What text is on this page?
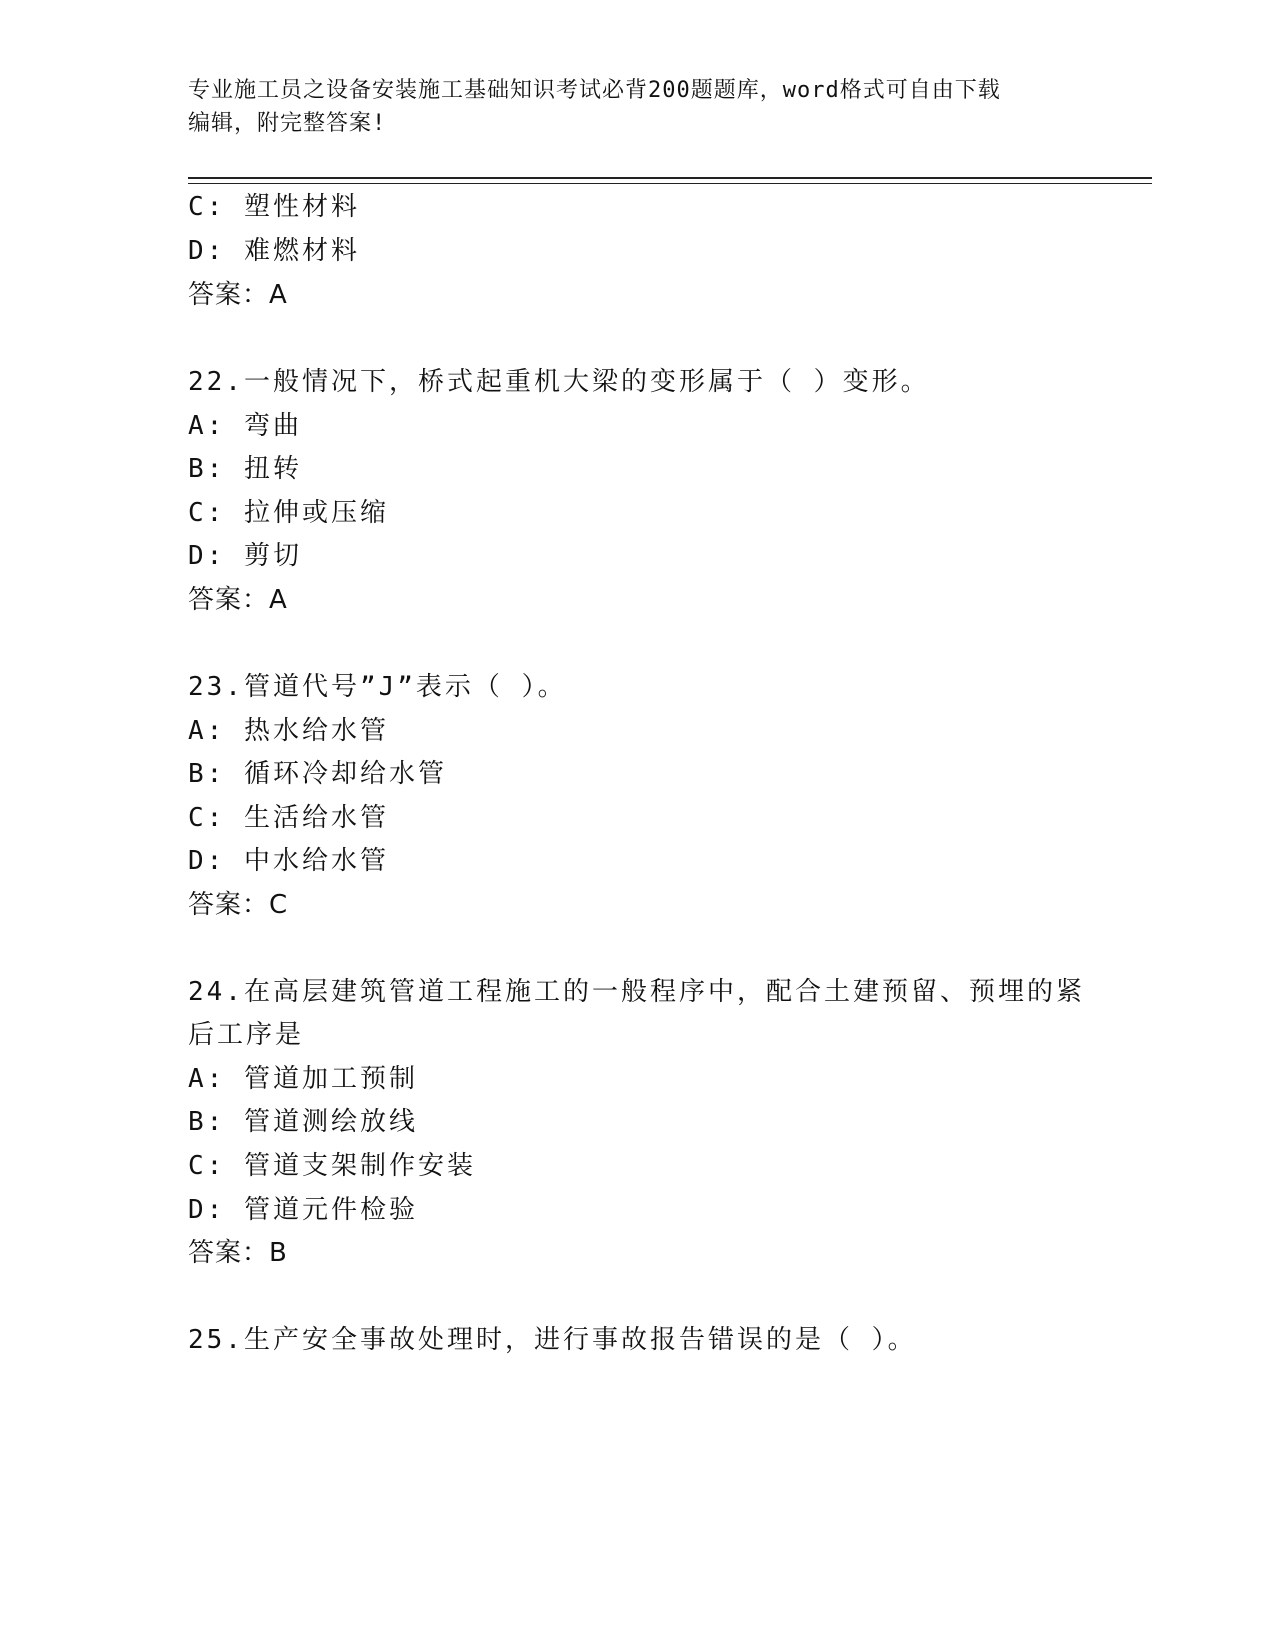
专业施工员之设备安装施工基础知识考试必背200题题库，word格式可自由下载
编辑，附完整答案!
C: 塑性材料
D: 难燃材料
答案：A
22.一般情况下，桥式起重机大梁的变形属于（ ）变形。
A: 弯曲
B: 扭转
C: 拉伸或压缩
D: 剪切
答案：A
23.管道代号”J”表示（ ）。
A: 热水给水管
B: 循环冷却给水管
C: 生活给水管
D: 中水给水管
答案：C
24.在高层建筑管道工程施工的一般程序中，配合土建预留、预埋的紧
后工序是
A: 管道加工预制
B: 管道测绘放线
C: 管道支架制作安装
D: 管道元件检验
答案：B
25.生产安全事故处理时，进行事故报告错误的是（ ）。
